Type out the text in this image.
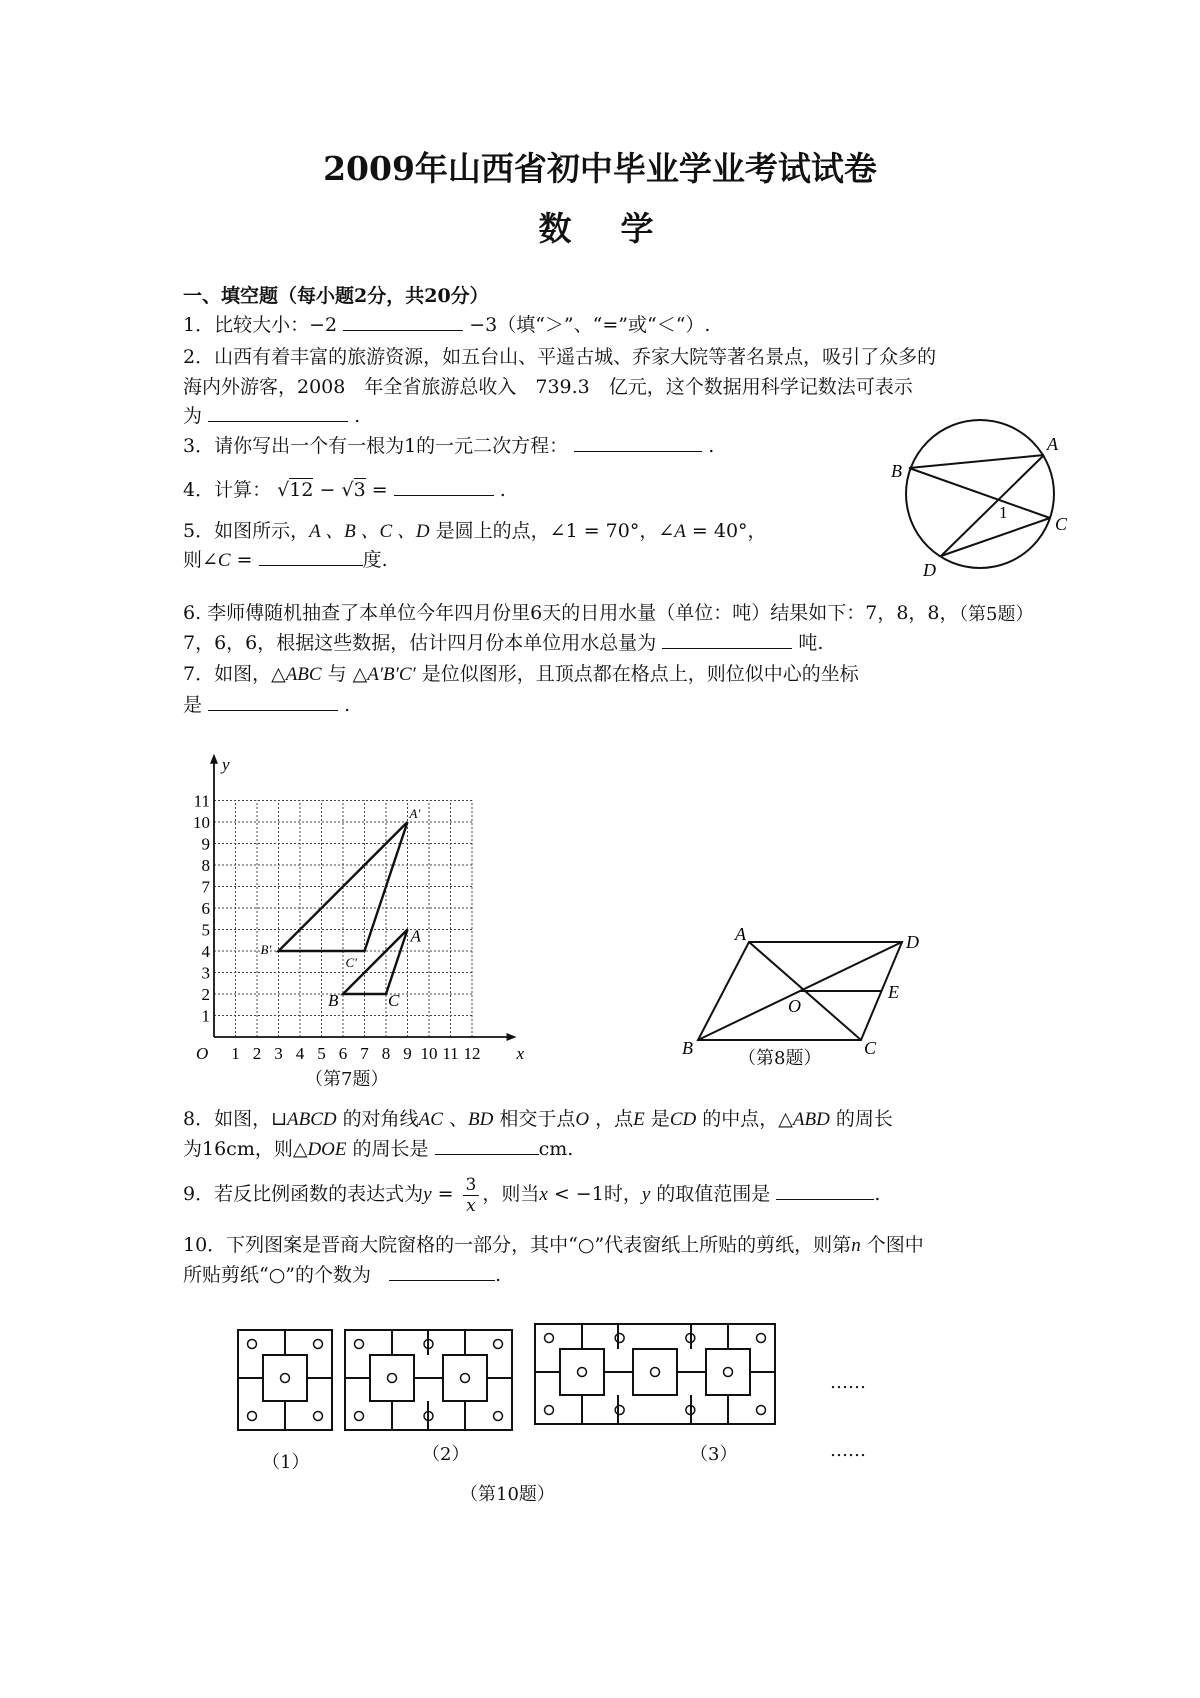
2009年山西省初中毕业学业考试试卷
数　学
一、填空题（每小题2分，共20分）
1．比较大小：−2	−3（填“＞”、“=”或“＜“）.
2．山西有着丰富的旅游资源，如五台山、平遥古城、乔家大院等著名景点，吸引了众多的
海内外游客，2008　年全省旅游总收入　739.3　亿元，这个数据用科学记数法可表示
为	.
3．请你写出一个有一根为1的一元二次方程：	.
4．计算： √12 − √3 =	.
5．如图所示，A 、B 、C 、D 是圆上的点，∠1 = 70°，∠A = 40°，
则∠C =	度.
A
B
C
D
1
（第5题）
6. 李师傅随机抽查了本单位今年四月份里6天的日用水量（单位：吨）结果如下：7，8，8，
7，6，6，根据这些数据，估计四月份本单位用水总量为	吨.
7．如图，△ABC 与 △A′B′C′ 是位似图形，且顶点都在格点上，则位似中心的坐标
是	.
1 2 3 4 5 6 7 8 9 10 11 12
1
2
3
4
5
6
7
8
9
10
11
O	x
y
A
B	C
A′
B′
C′
（第7题）
A	D
E
O
B	C
（第8题）
8．如图，⊔ABCD 的对角线AC 、BD 相交于点O ，点E 是CD 的中点，△ABD 的周长
为16cm，则△DOE 的周长是	cm.
9．若反比例函数的表达式为$y = \frac{3}{x}$ ，则当x < −1时，y 的取值范围是	.
10．下列图案是晋商大院窗格的一部分，其中“○”代表窗纸上所贴的剪纸，则第n 个图中
所贴剪纸“○”的个数为	.
（1）	（2）	（3）
……
……
（第10题）
